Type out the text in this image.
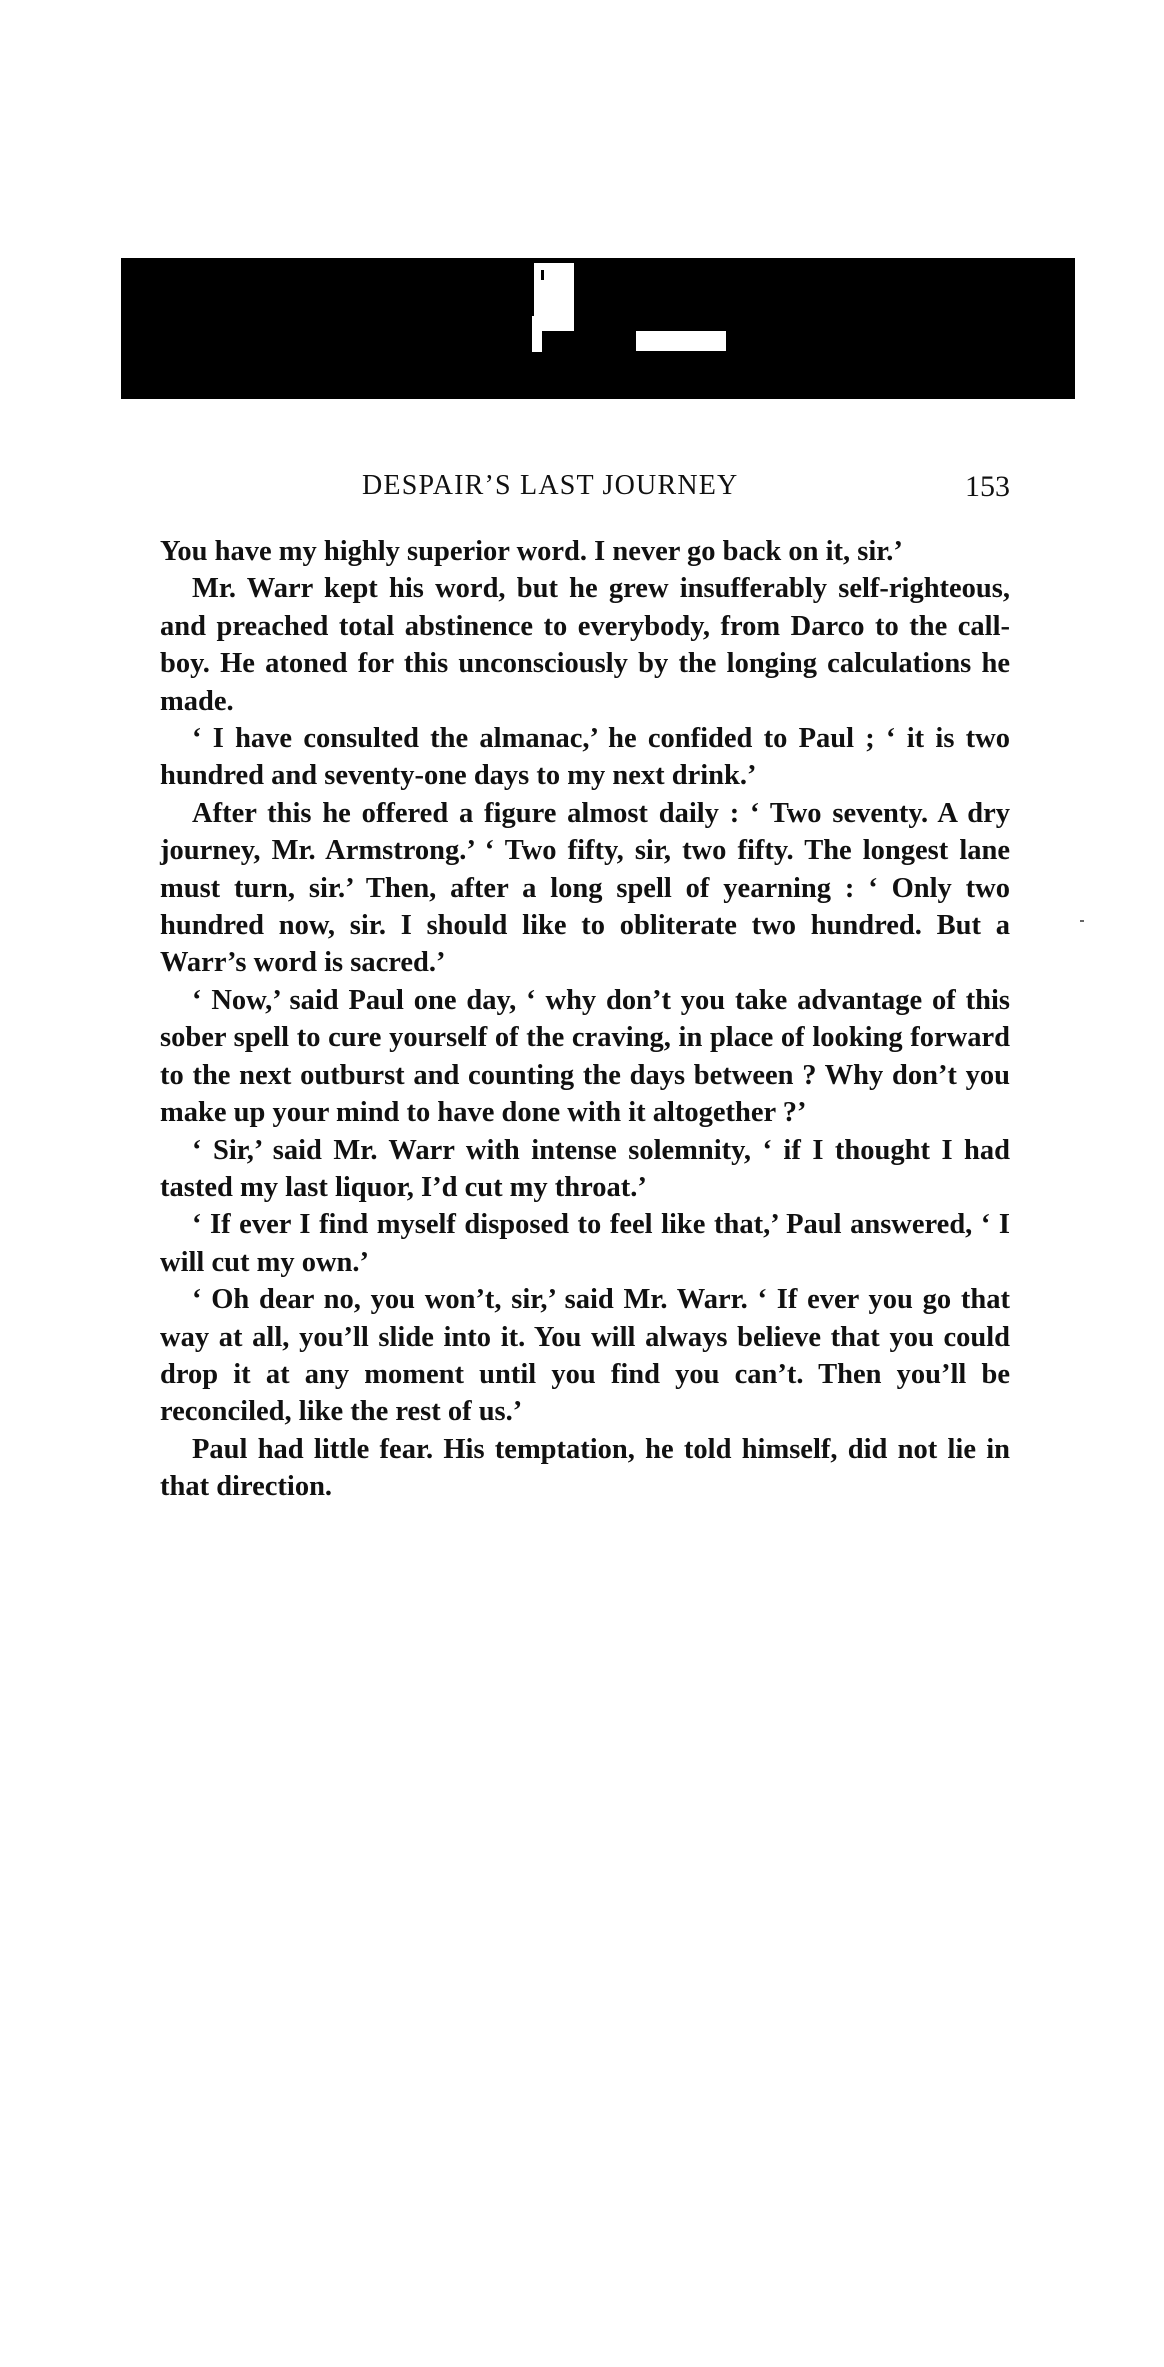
DESPAIR’S LAST JOURNEY	153

You have my highly superior word. I never go back on it, sir.’

Mr. Warr kept his word, but he grew insufferably self-righteous, and preached total abstinence to everybody, from Darco to the call-boy. He atoned for this unconsciously by the longing calculations he made.

‘ I have consulted the almanac,’ he confided to Paul ; ‘ it is two hundred and seventy-one days to my next drink.’

After this he offered a figure almost daily : ‘ Two seventy. A dry journey, Mr. Armstrong.’ ‘ Two fifty, sir, two fifty. The longest lane must turn, sir.’ Then, after a long spell of yearning : ‘ Only two hundred now, sir. I should like to obliterate two hundred. But a Warr’s word is sacred.’

‘ Now,’ said Paul one day, ‘ why don’t you take advantage of this sober spell to cure yourself of the craving, in place of looking forward to the next outburst and counting the days between ? Why don’t you make up your mind to have done with it altogether ?’

‘ Sir,’ said Mr. Warr with intense solemnity, ‘ if I thought I had tasted my last liquor, I’d cut my throat.’

‘ If ever I find myself disposed to feel like that,’ Paul answered, ‘ I will cut my own.’

‘ Oh dear no, you won’t, sir,’ said Mr. Warr. ‘ If ever you go that way at all, you’ll slide into it. You will always believe that you could drop it at any moment until you find you can’t. Then you’ll be reconciled, like the rest of us.’

Paul had little fear. His temptation, he told himself, did not lie in that direction.
